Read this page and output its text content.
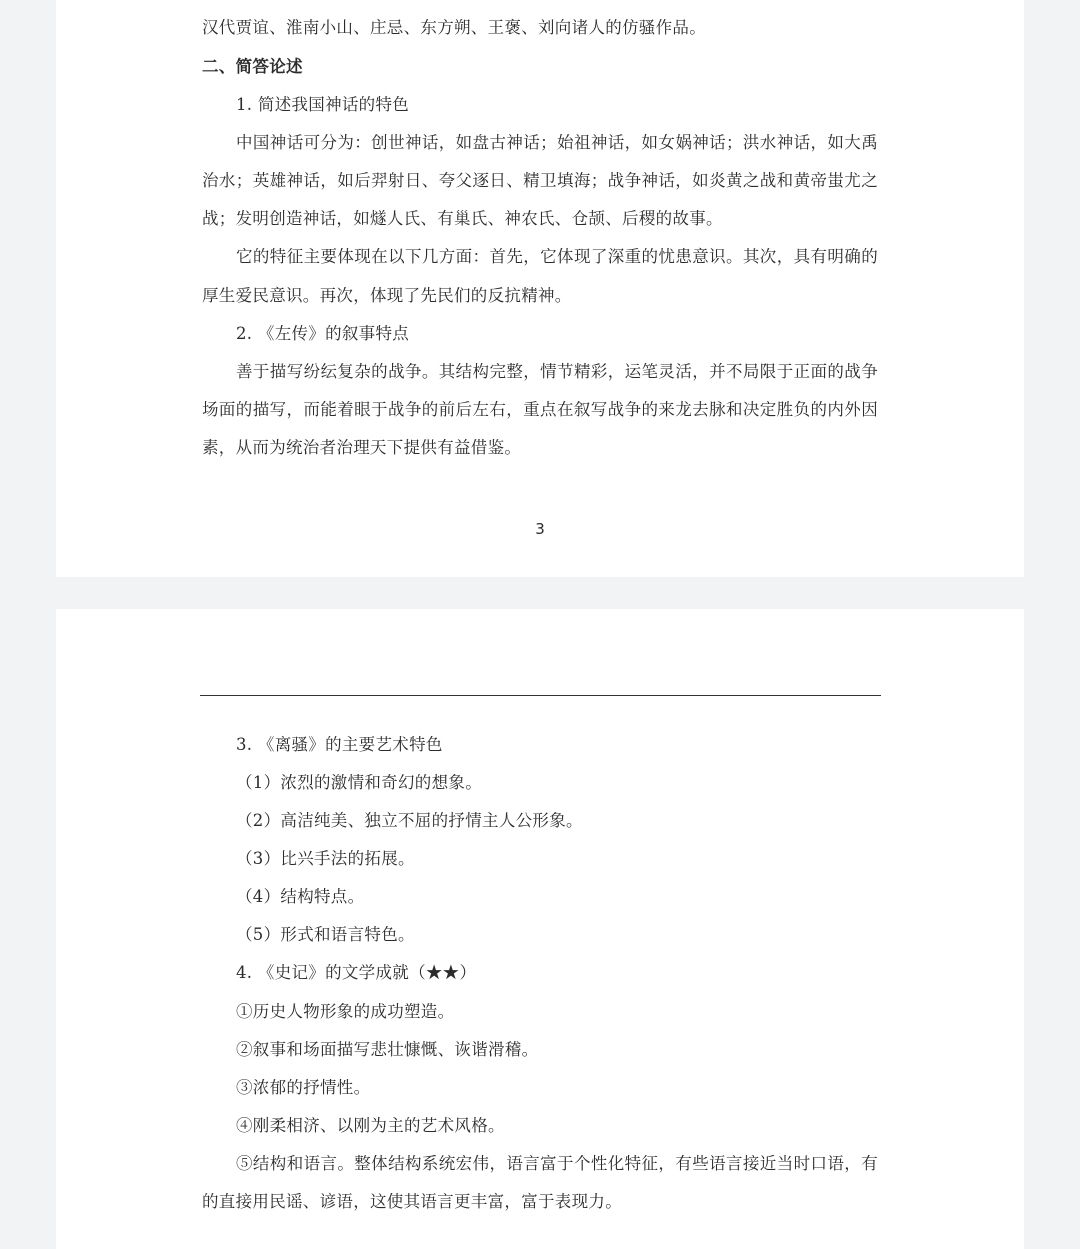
汉代贾谊、淮南小山、庄忌、东方朔、王褒、刘向诸人的仿骚作品。
二、简答论述
1. 简述我国神话的特色
中国神话可分为：创世神话，如盘古神话；始祖神话，如女娲神话；洪水神话，如大禹
治水；英雄神话，如后羿射日、夸父逐日、精卫填海；战争神话，如炎黄之战和黄帝蚩尤之
战；发明创造神话，如燧人氏、有巢氏、神农氏、仓颉、后稷的故事。
它的特征主要体现在以下几方面：首先，它体现了深重的忧患意识。其次，具有明确的
厚生爱民意识。再次，体现了先民们的反抗精神。
2. 《左传》的叙事特点
善于描写纷纭复杂的战争。其结构完整，情节精彩，运笔灵活，并不局限于正面的战争
场面的描写，而能着眼于战争的前后左右，重点在叙写战争的来龙去脉和决定胜负的内外因
素，从而为统治者治理天下提供有益借鉴。
3
3. 《离骚》的主要艺术特色
（1）浓烈的激情和奇幻的想象。
（2）高洁纯美、独立不屈的抒情主人公形象。
（3）比兴手法的拓展。
（4）结构特点。
（5）形式和语言特色。
4. 《史记》的文学成就（★★）
①历史人物形象的成功塑造。
②叙事和场面描写悲壮慷慨、诙谐滑稽。
③浓郁的抒情性。
④刚柔相济、以刚为主的艺术风格。
⑤结构和语言。整体结构系统宏伟，语言富于个性化特征，有些语言接近当时口语，有
的直接用民谣、谚语，这使其语言更丰富，富于表现力。
